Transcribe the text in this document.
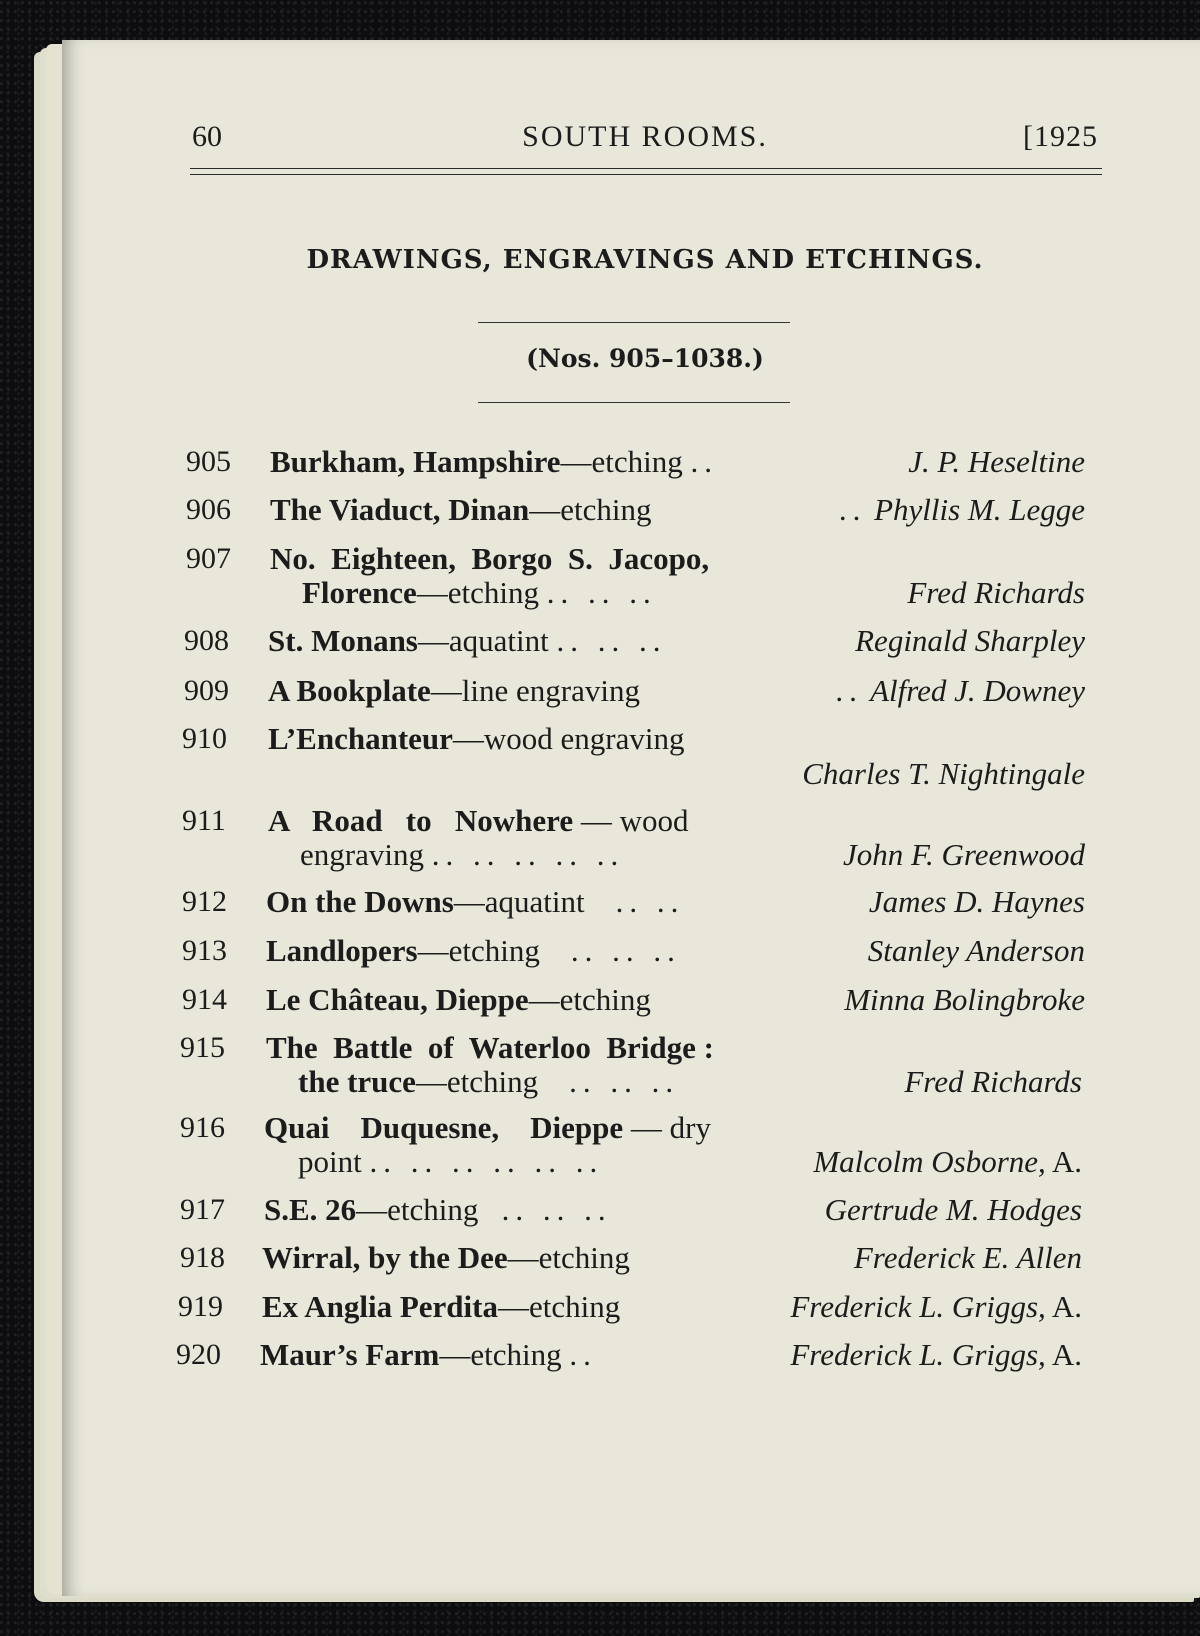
60	SOUTH ROOMS.	[1925
DRAWINGS, ENGRAVINGS AND ETCHINGS.
(Nos. 905–1038.)
905 Burkham, Hampshire—etching ..	J. P. Heseltine
906 The Viaduct, Dinan—etching	.. Phyllis M. Legge
907 No.  Eighteen,  Borgo  S.  Jacopo,
Florence—etching .. .. ..	Fred Richards
908 St. Monans—aquatint .. .. ..	Reginald Sharpley
909 A Bookplate—line engraving	.. Alfred J. Downey
910 L’Enchanteur—wood engraving
Charles T. Nightingale
911 A   Road   to   Nowhere — wood
engraving .. .. .. .. ..	John F. Greenwood
912 On the Downs—aquatint .. ..	James D. Haynes
913 Landlopers—etching .. .. ..	Stanley Anderson
914 Le Château, Dieppe—etching	Minna Bolingbroke
915 The  Battle  of  Waterloo  Bridge :
the truce—etching .. .. ..	Fred Richards
916 Quai    Duquesne,    Dieppe — dry
point .. .. .. .. .. ..	Malcolm Osborne, A.
917 S.E. 26—etching .. .. ..	Gertrude M. Hodges
918 Wirral, by the Dee—etching	Frederick E. Allen
919 Ex Anglia Perdita—etching	Frederick L. Griggs, A.
920 Maur’s Farm—etching ..	Frederick L. Griggs, A.
